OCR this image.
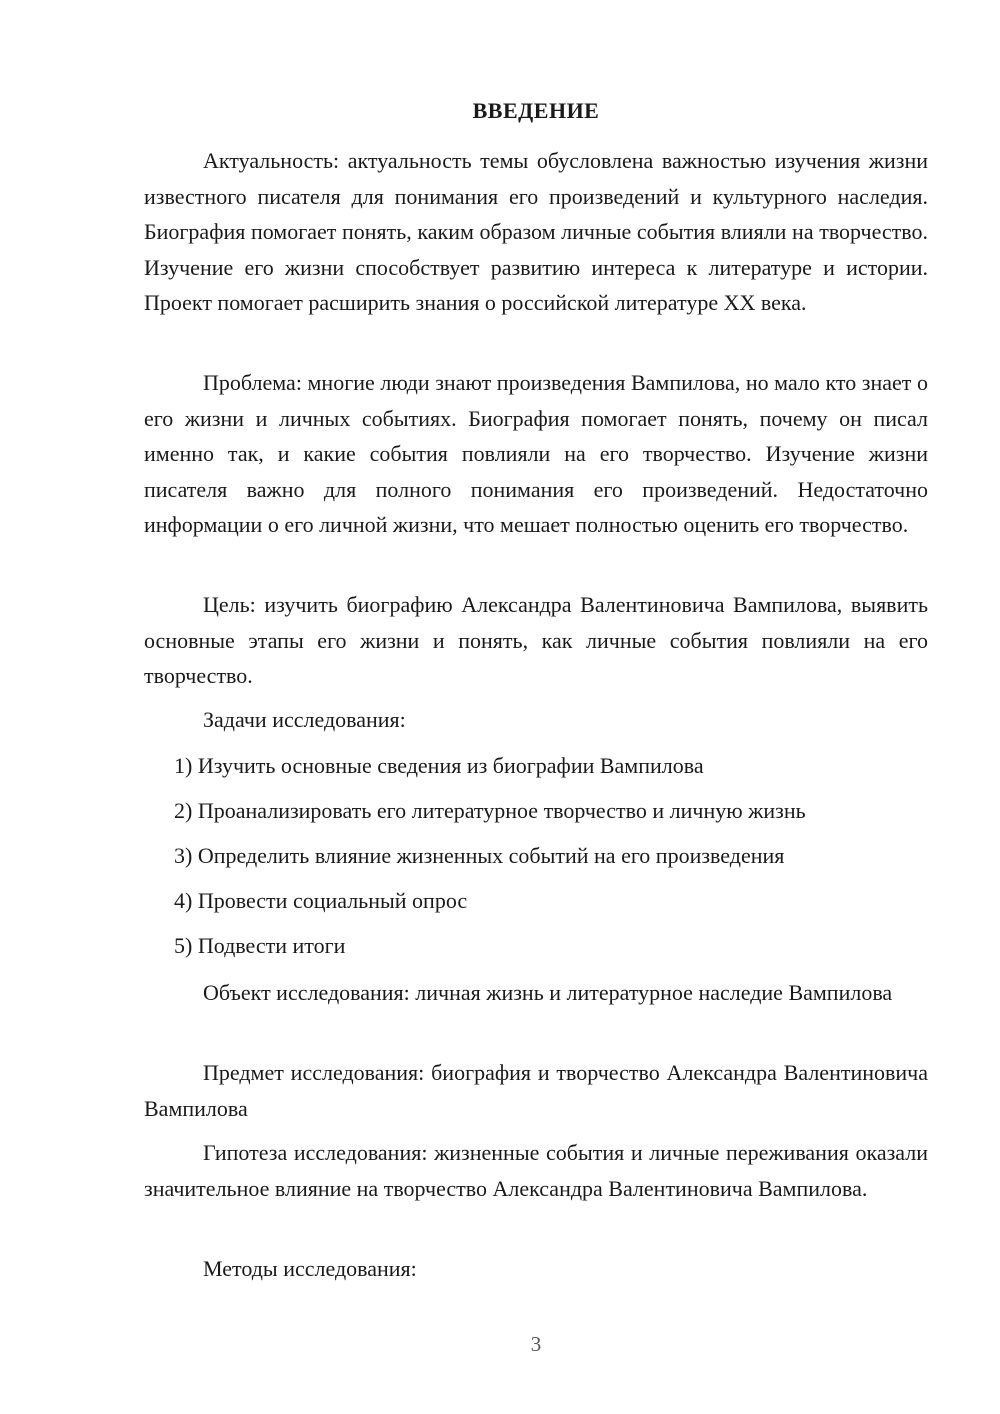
ВВЕДЕНИЕ

Актуальность: актуальность темы обусловлена важностью изучения жизни известного писателя для понимания его произведений и культурного наследия. Биография помогает понять, каким образом личные события влияли на творчество. Изучение его жизни способствует развитию интереса к литературе и истории. Проект помогает расширить знания о российской литературе XX века.

Проблема: многие люди знают произведения Вампилова, но мало кто знает о его жизни и личных событиях. Биография помогает понять, почему он писал именно так, и какие события повлияли на его творчество. Изучение жизни писателя важно для полного понимания его произведений. Недостаточно информации о его личной жизни, что мешает полностью оценить его творчество.

Цель: изучить биографию Александра Валентиновича Вампилова, выявить основные этапы его жизни и понять, как личные события повлияли на его творчество.

Задачи исследования:

1) Изучить основные сведения из биографии Вампилова

2) Проанализировать его литературное творчество и личную жизнь

3) Определить влияние жизненных событий на его произведения

4) Провести социальный опрос

5) Подвести итоги

Объект исследования: личная жизнь и литературное наследие Вампилова

Предмет исследования: биография и творчество Александра Валентиновича Вампилова

Гипотеза исследования: жизненные события и личные переживания оказали значительное влияние на творчество Александра Валентиновича Вампилова.

Методы исследования:

3
